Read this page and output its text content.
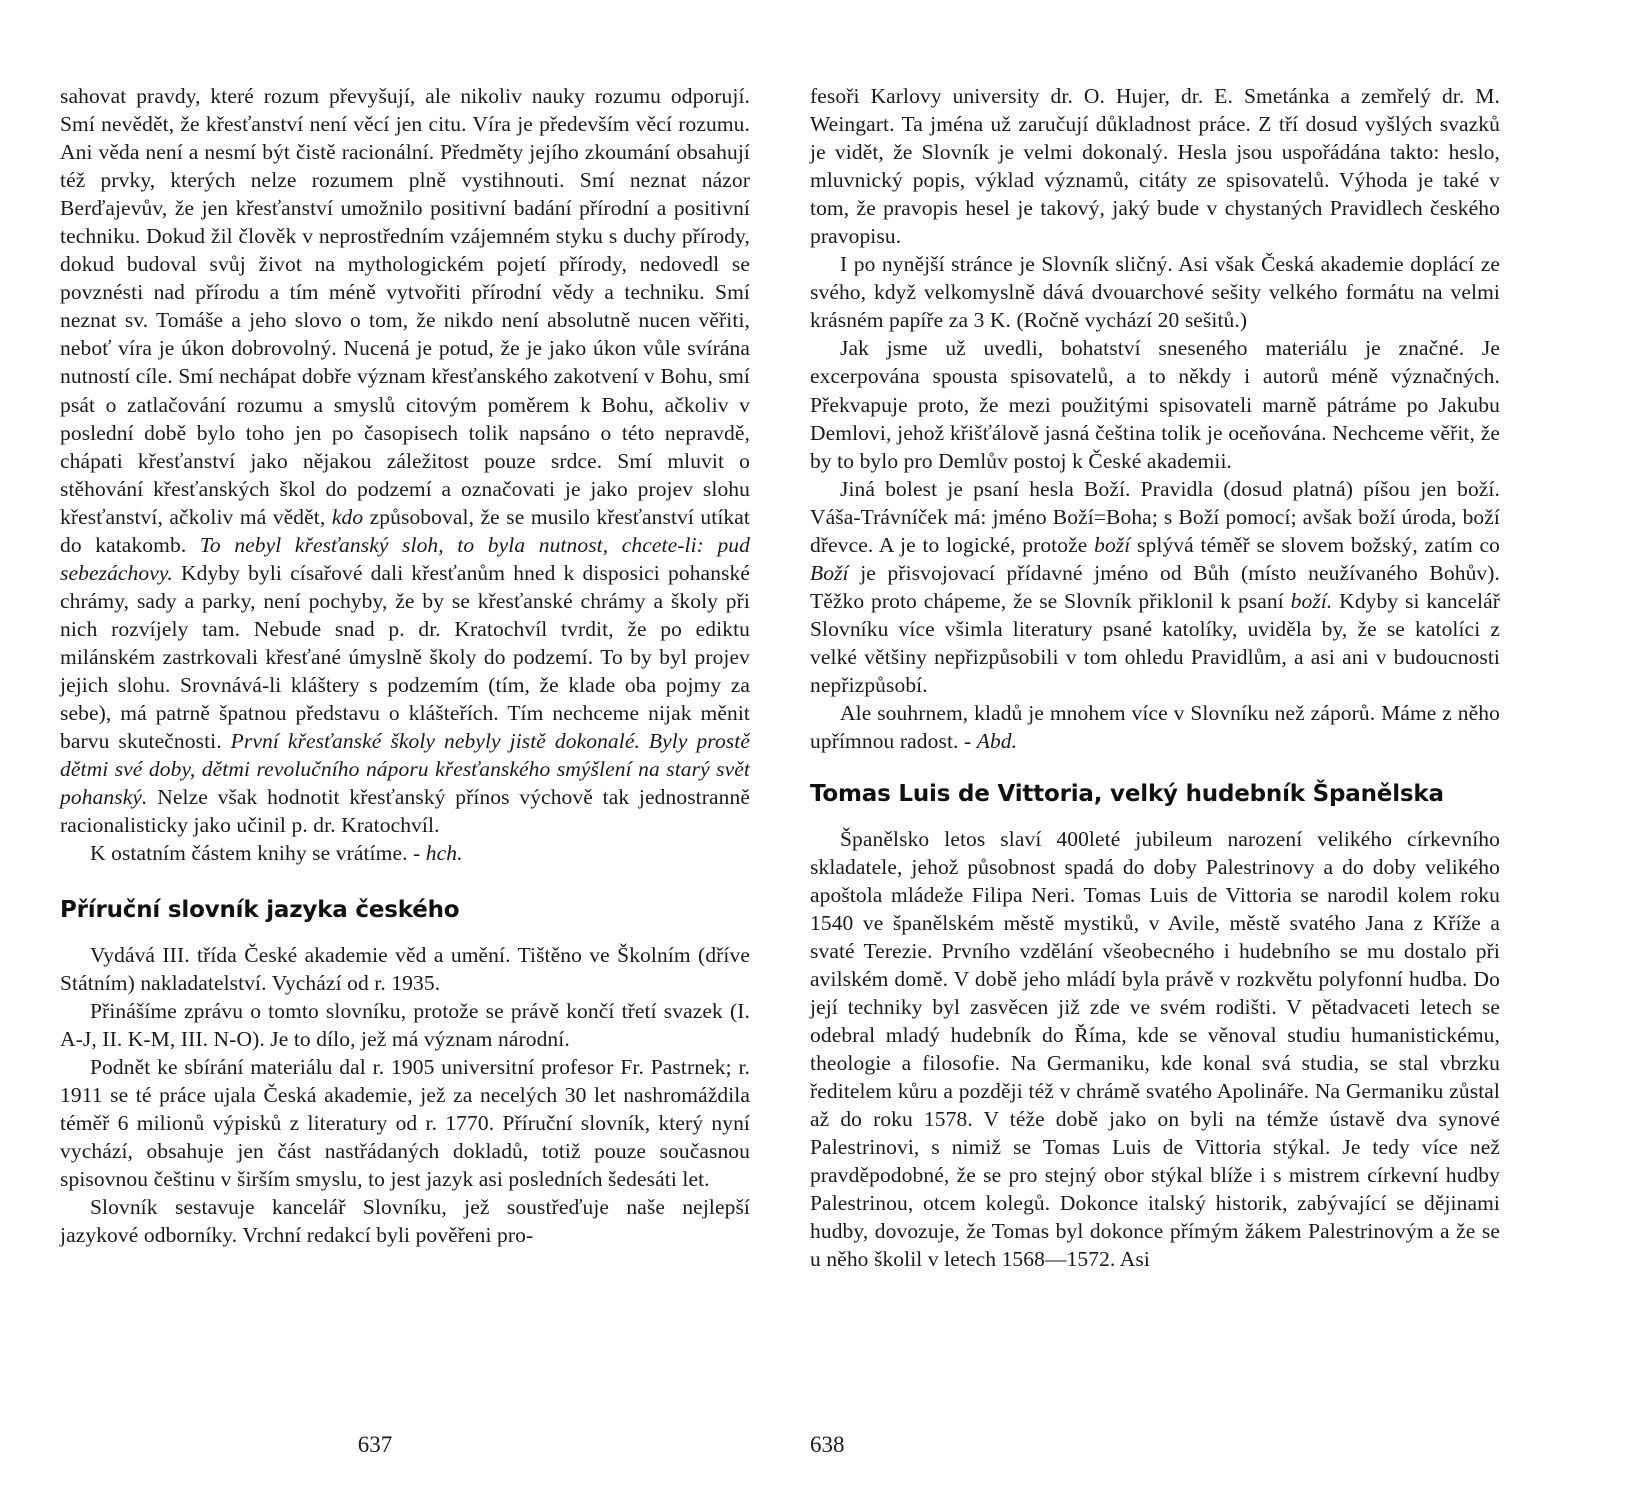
sahovat pravdy, které rozum převyšují, ale nikoliv nauky rozumu odporují. Smí nevědět, že křesťanství není věcí jen citu. Víra je především věcí rozumu. Ani věda není a nesmí být čistě racionální. Předměty jejího zkoumání obsahují též prvky, kterých nelze rozumem plně vystihnouti. Smí neznat názor Berďajevův, že jen křesťanství umožnilo positivní badání přírodní a positivní techniku. Dokud žil člověk v neprostředním vzájemném styku s duchy přírody, dokud budoval svůj život na mythologickém pojetí přírody, nedovedl se povznésti nad přírodu a tím méně vytvořiti přírodní vědy a techniku. Smí neznat sv. Tomáše a jeho slovo o tom, že nikdo není absolutně nucen věřiti, neboť víra je úkon dobrovolný. Nucená je potud, že je jako úkon vůle svírána nutností cíle. Smí nechápat dobře význam křesťanského zakotvení v Bohu, smí psát o zatlačování rozumu a smyslů citovým poměrem k Bohu, ačkoliv v poslední době bylo toho jen po časopisech tolik napsáno o této nepravdě, chápati křesťanství jako nějakou záležitost pouze srdce. Smí mluvit o stěhování křesťanských škol do podzemí a označovati je jako projev slohu křesťanství, ačkoliv má vědět, kdo způsoboval, že se musilo křesťanství utíkat do katakomb. To nebyl křesťanský sloh, to byla nutnost, chcete-li: pud sebezáchovy. Kdyby byli císařové dali křesťanům hned k disposici pohanské chrámy, sady a parky, není pochyby, že by se křesťanské chrámy a školy při nich rozvíjely tam. Nebude snad p. dr. Kratochvíl tvrdit, že po ediktu milánském zastrkovali křesťané úmyslně školy do podzemí. To by byl projev jejich slohu. Srovnává-li kláštery s podzemím (tím, že klade oba pojmy za sebe), má patrně špatnou představu o klášteřích. Tím nechceme nijak měnit barvu skutečnosti. První křesťanské školy nebyly jistě dokonalé. Byly prostě dětmi své doby, dětmi revolučního náporu křesťanského smýšlení na starý svět pohanský. Nelze však hodnotit křesťanský přínos výchově tak jednostranně racionalisticky jako učinil p. dr. Kratochvíl.

K ostatním částem knihy se vrátíme. - hch.

Příruční slovník jazyka českého

Vydává III. třída České akademie věd a umění. Tištěno ve Školním (dříve Státním) nakladatelství. Vychází od r. 1935.

Přinášíme zprávu o tomto slovníku, protože se právě končí třetí svazek (I. A-J, II. K-M, III. N-O). Je to dílo, jež má význam národní.

Podnět ke sbírání materiálu dal r. 1905 universitní profesor Fr. Pastrnek; r. 1911 se té práce ujala Česká akademie, jež za necelých 30 let nashromáždila téměř 6 milionů výpisků z literatury od r. 1770. Příruční slovník, který nyní vychází, obsahuje jen část nastřádaných dokladů, totiž pouze současnou spisovnou češtinu v širším smyslu, to jest jazyk asi posledních šedesáti let.

Slovník sestavuje kancelář Slovníku, jež soustřeďuje naše nejlepší jazykové odborníky. Vrchní redakcí byli pověřeni pro-

fesoři Karlovy university dr. O. Hujer, dr. E. Smetánka a zemřelý dr. M. Weingart. Ta jména už zaručují důkladnost práce. Z tří dosud vyšlých svazků je vidět, že Slovník je velmi dokonalý. Hesla jsou uspořádána takto: heslo, mluvnický popis, výklad významů, citáty ze spisovatelů. Výhoda je také v tom, že pravopis hesel je takový, jaký bude v chystaných Pravidlech českého pravopisu.

I po nynější stránce je Slovník sličný. Asi však Česká akademie doplácí ze svého, když velkomyslně dává dvouarchové sešity velkého formátu na velmi krásném papíře za 3 K. (Ročně vychází 20 sešitů.)

Jak jsme už uvedli, bohatství sneseného materiálu je značné. Je excerpována spousta spisovatelů, a to někdy i autorů méně význačných. Překvapuje proto, že mezi použitými spisovateli marně pátráme po Jakubu Demlovi, jehož křišťálově jasná čeština tolik je oceňována. Nechceme věřit, že by to bylo pro Demlův postoj k České akademii.

Jiná bolest je psaní hesla Boží. Pravidla (dosud platná) píšou jen boží. Váša-Trávníček má: jméno Boží=Boha; s Boží pomocí; avšak boží úroda, boží dřevce. A je to logické, protože boží splývá téměř se slovem božský, zatím co Boží je přisvojovací přídavné jméno od Bůh (místo neužívaného Bohův). Těžko proto chápeme, že se Slovník přiklonil k psaní boží. Kdyby si kancelář Slovníku více všimla literatury psané katolíky, uviděla by, že se katolíci z velké většiny nepřizpůsobili v tom ohledu Pravidlům, a asi ani v budoucnosti nepřizpůsobí.

Ale souhrnem, kladů je mnohem více v Slovníku než záporů. Máme z něho upřímnou radost. - Abd.

Tomas Luis de Vittoria, velký hudebník Španělska

Španělsko letos slaví 400leté jubileum narození velikého církevního skladatele, jehož působnost spadá do doby Palestrinovy a do doby velikého apoštola mládeže Filipa Neri. Tomas Luis de Vittoria se narodil kolem roku 1540 ve španělském městě mystiků, v Avile, městě svatého Jana z Kříže a svaté Terezie. Prvního vzdělání všeobecného i hudebního se mu dostalo při avilském domě. V době jeho mládí byla právě v rozkvětu polyfonní hudba. Do její techniky byl zasvěcen již zde ve svém rodišti. V pětadvaceti letech se odebral mladý hudebník do Říma, kde se věnoval studiu humanistickému, theologie a filosofie. Na Germaniku, kde konal svá studia, se stal vbrzku ředitelem kůru a později též v chrámě svatého Apolináře. Na Germaniku zůstal až do roku 1578. V téže době jako on byli na témže ústavě dva synové Palestrinovi, s nimiž se Tomas Luis de Vittoria stýkal. Je tedy více než pravděpodobné, že se pro stejný obor stýkal blíže i s mistrem církevní hudby Palestrinou, otcem kolegů. Dokonce italský historik, zabývající se dějinami hudby, dovozuje, že Tomas byl dokonce přímým žákem Palestrinovým a že se u něho školil v letech 1568—1572. Asi

637	638
